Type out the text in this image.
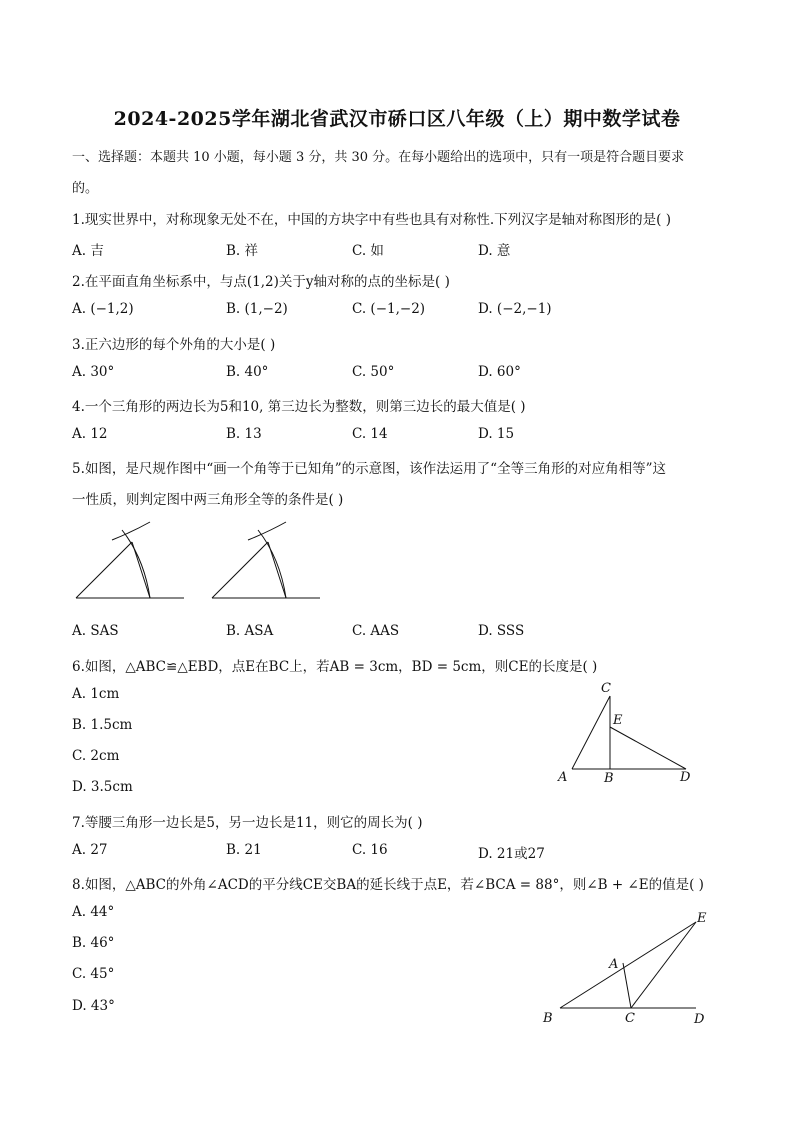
2024-2025学年湖北省武汉市硚口区八年级（上）期中数学试卷
一、选择题：本题共 10 小题，每小题 3 分，共 30 分。在每小题给出的选项中，只有一项是符合题目要求
的。
1.现实世界中，对称现象无处不在，中国的方块字中有些也具有对称性.下列汉字是轴对称图形的是( )
A. 吉	B. 祥	C. 如	D. 意
2.在平面直角坐标系中，与点(1,2)关于y轴对称的点的坐标是( )
A. (−1,2)	B. (1,−2)	C. (−1,−2)	D. (−2,−1)
3.正六边形的每个外角的大小是( )
A. 30°	B. 40°	C. 50°	D. 60°
4.一个三角形的两边长为5和10, 第三边长为整数，则第三边长的最大值是( )
A. 12	B. 13	C. 14	D. 15
5.如图，是尺规作图中“画一个角等于已知角”的示意图，该作法运用了“全等三角形的对应角相等”这
一性质，则判定图中两三角形全等的条件是( )
A. SAS	B. ASA	C. AAS	D. SSS
6.如图，△ABC≌△EBD，点E在BC上，若AB = 3cm，BD = 5cm，则CE的长度是( )
A. 1cm
B. 1.5cm
C. 2cm
D. 3.5cm
C
E
A	B	D
7.等腰三角形一边长是5，另一边长是11，则它的周长为( )
A. 27	B. 21	C. 16	D. 21或27
8.如图，△ABC的外角∠ACD的平分线CE交BA的延长线于点E，若∠BCA = 88°，则∠B + ∠E的值是( )
A. 44°
B. 46°
C. 45°
D. 43°
E
A
B	C	D
